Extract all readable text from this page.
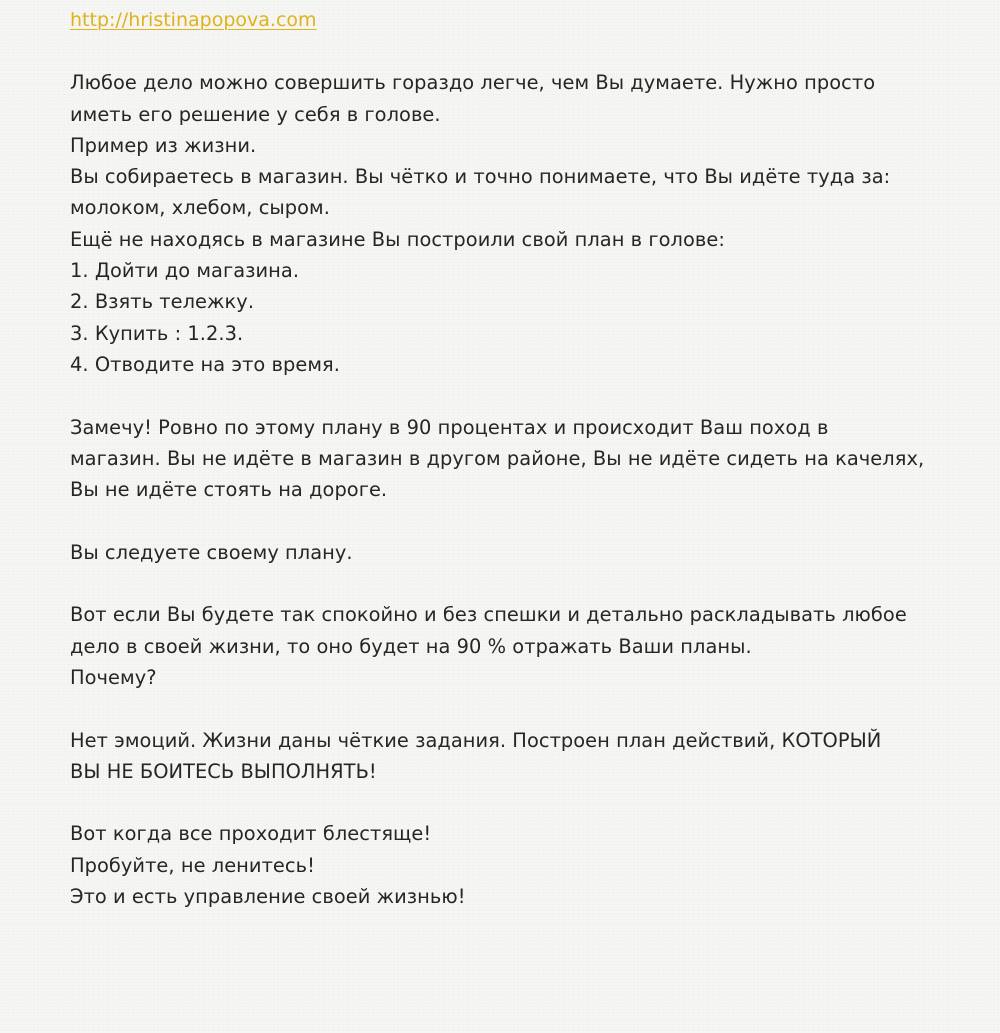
http://hristinapopova.com
Любое дело можно совершить гораздо легче, чем Вы думаете. Нужно просто
иметь его решение у себя в голове.
Пример из жизни.
Вы собираетесь в магазин. Вы чётко и точно понимаете, что Вы идёте туда за:
молоком, хлебом, сыром.
Ещё не находясь в магазине Вы построили свой план в голове:
1. Дойти до магазина.
2. Взять тележку.
3. Купить : 1.2.3.
4. Отводите на это время.
Замечу! Ровно по этому плану в 90 процентах и происходит Ваш поход в
магазин. Вы не идёте в магазин в другом районе, Вы не идёте сидеть на качелях,
Вы не идёте стоять на дороге.
Вы следуете своему плану.
Вот если Вы будете так спокойно и без спешки и детально раскладывать любое
дело в своей жизни, то оно будет на 90 % отражать Ваши планы.
Почему?
Нет эмоций. Жизни даны чёткие задания. Построен план действий, КОТОРЫЙ
ВЫ НЕ БОИТЕСЬ ВЫПОЛНЯТЬ!
Вот когда все проходит блестяще!
Пробуйте, не ленитесь!
Это и есть управление своей жизнью!
